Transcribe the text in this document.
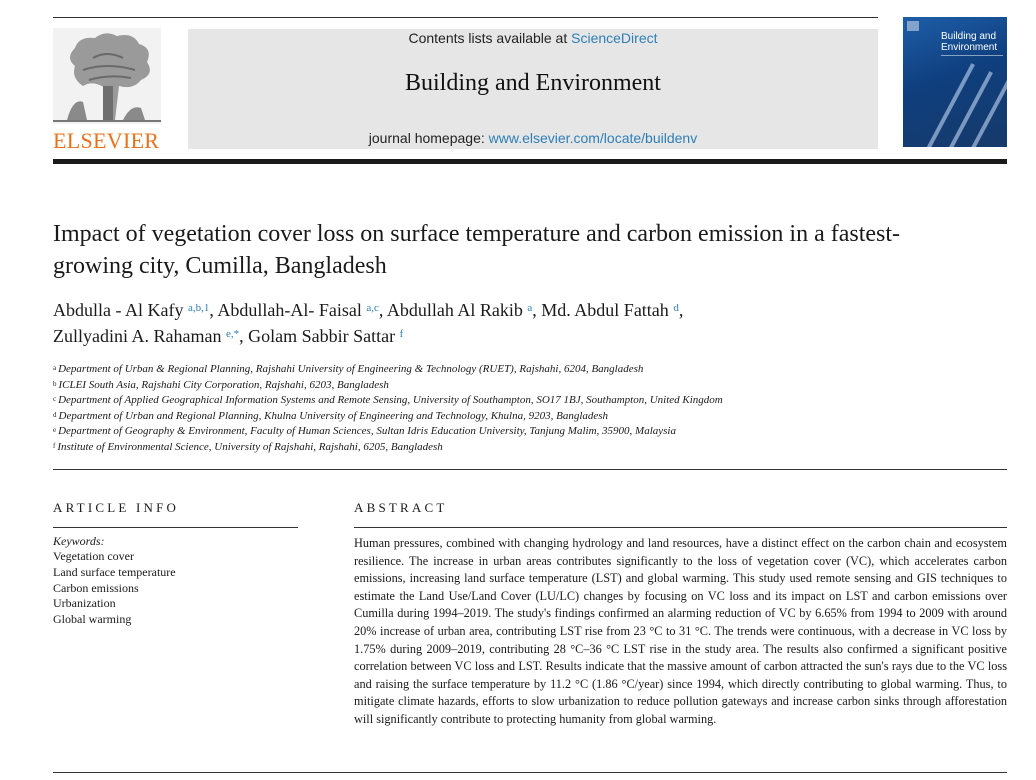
ELSEVIER
Contents lists available at ScienceDirect
Building and Environment
journal homepage: www.elsevier.com/locate/buildenv
Building and Environment
Impact of vegetation cover loss on surface temperature and carbon emission in a fastest-growing city, Cumilla, Bangladesh
Abdulla - Al Kafy $^{a,b,1}$, Abdullah-Al- Faisal $^{a,c}$, Abdullah Al Rakib $^a$, Md. Abdul Fattah $^d$,
Zullyadini A. Rahaman $^{e,*}$, Golam Sabbir Sattar $^f$
$^a$ Department of Urban & Regional Planning, Rajshahi University of Engineering & Technology (RUET), Rajshahi, 6204, Bangladesh
$^b$ ICLEI South Asia, Rajshahi City Corporation, Rajshahi, 6203, Bangladesh
$^c$ Department of Applied Geographical Information Systems and Remote Sensing, University of Southampton, SO17 1BJ, Southampton, United Kingdom
$^d$ Department of Urban and Regional Planning, Khulna University of Engineering and Technology, Khulna, 9203, Bangladesh
$^e$ Department of Geography & Environment, Faculty of Human Sciences, Sultan Idris Education University, Tanjung Malim, 35900, Malaysia
$^f$ Institute of Environmental Science, University of Rajshahi, Rajshahi, 6205, Bangladesh
ARTICLE INFO
Keywords:
Vegetation cover
Land surface temperature
Carbon emissions
Urbanization
Global warming
ABSTRACT

Human pressures, combined with changing hydrology and land resources, have a distinct effect on the carbon chain and ecosystem resilience. The increase in urban areas contributes significantly to the loss of vegetation cover (VC), which accelerates carbon emissions, increasing land surface temperature (LST) and global warming. This study used remote sensing and GIS techniques to estimate the Land Use/Land Cover (LU/LC) changes by focusing on VC loss and its impact on LST and carbon emissions over Cumilla during 1994–2019. The study's findings confirmed an alarming reduction of VC by 6.65% from 1994 to 2009 with around 20% increase of urban area, contributing LST rise from 23 °C to 31 °C. The trends were continuous, with a decrease in VC loss by 1.75% during 2009–2019, contributing 28 °C–36 °C LST rise in the study area. The results also confirmed a significant positive correlation between VC loss and LST. Results indicate that the massive amount of carbon attracted the sun's rays due to the VC loss and raising the surface temperature by 11.2 °C (1.86 °C/year) since 1994, which directly contributing to global warming. Thus, to mitigate climate hazards, efforts to slow urbanization to reduce pollution gateways and increase carbon sinks through afforestation will significantly contribute to protecting humanity from global warming.
